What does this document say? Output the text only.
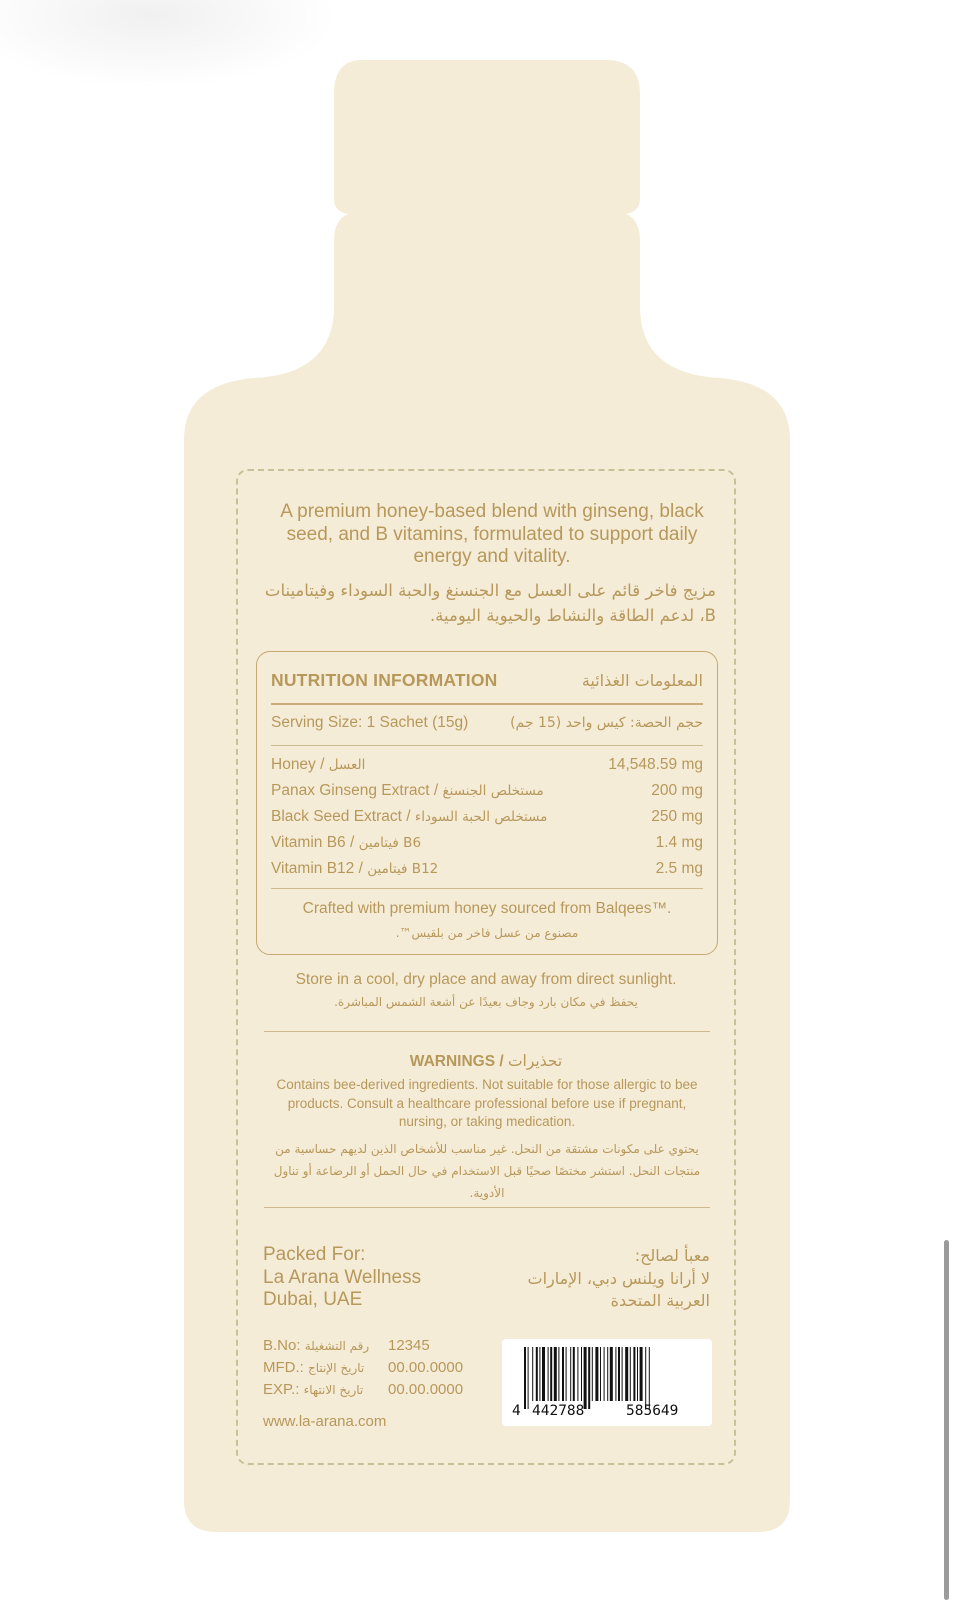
A premium honey-based blend with ginseng, black seed, and B vitamins, formulated to support daily energy and vitality.
مزيج فاخر قائم على العسل مع الجنسنغ والحبة السوداء وفيتامينات B، لدعم الطاقة والنشاط والحيوية اليومية.
NUTRITION INFORMATION	المعلومات الغذائية
Serving Size: 1 Sachet (15g)	حجم الحصة: كيس واحد (15 جم)
Honey / العسل	14,548.59 mg
Panax Ginseng Extract / مستخلص الجنسنغ	200 mg
Black Seed Extract / مستخلص الحبة السوداء	250 mg
Vitamin B6 / فيتامين B6	1.4 mg
Vitamin B12 / فيتامين B12	2.5 mg
Crafted with premium honey sourced from Balqees™.
مصنوع من عسل فاخر من بلقيس™.
Store in a cool, dry place and away from direct sunlight.
يحفظ في مكان بارد وجاف بعيدًا عن أشعة الشمس المباشرة.
WARNINGS / تحذيرات
Contains bee-derived ingredients. Not suitable for those allergic to bee products. Consult a healthcare professional before use if pregnant, nursing, or taking medication.
يحتوي على مكونات مشتقة من النحل. غير مناسب للأشخاص الذين لديهم حساسية من منتجات النحل. استشر مختصًا صحيًا قبل الاستخدام في حال الحمل أو الرضاعة أو تناول الأدوية.
Packed For:
La Arana Wellness
Dubai, UAE
معبأ لصالح:
لا أرانا ويلنس دبي، الإمارات
العربية المتحدة
B.No: رقم التشغيلة 12345
MFD.: تاريخ الإنتاج 00.00.0000
EXP.: تاريخ الانتهاء 00.00.0000
www.la-arana.com
4 442788	585649
